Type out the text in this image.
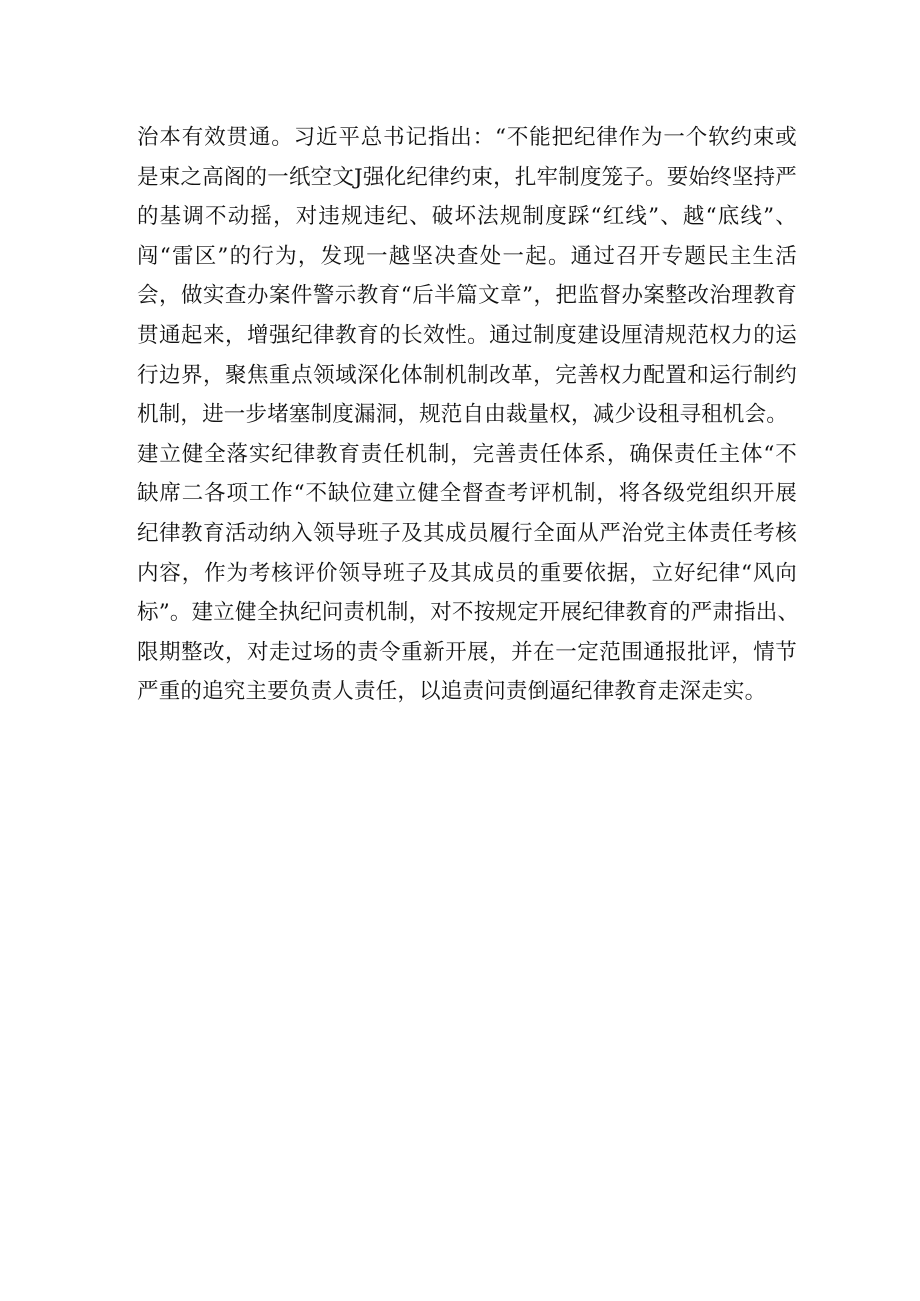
治本有效贯通。习近平总书记指出：“不能把纪律作为一个软约束或
是束之高阁的一纸空文J强化纪律约束，扎牢制度笼子。要始终坚持严
的基调不动摇，对违规违纪、破坏法规制度踩“红线”、越“底线”、
闯“雷区”的行为，发现一越坚决查处一起。通过召开专题民主生活
会，做实查办案件警示教育“后半篇文章”，把监督办案整改治理教育
贯通起来，增强纪律教育的长效性。通过制度建设厘清规范权力的运
行边界，聚焦重点领域深化体制机制改革，完善权力配置和运行制约
机制，进一步堵塞制度漏洞，规范自由裁量权，减少设租寻租机会。
建立健全落实纪律教育责任机制，完善责任体系，确保责任主体“不
缺席二各项工作“不缺位建立健全督查考评机制，将各级党组织开展
纪律教育活动纳入领导班子及其成员履行全面从严治党主体责任考核
内容，作为考核评价领导班子及其成员的重要依据，立好纪律“风向
标”。建立健全执纪问责机制，对不按规定开展纪律教育的严肃指出、
限期整改，对走过场的责令重新开展，并在一定范围通报批评，情节
严重的追究主要负责人责任，以追责问责倒逼纪律教育走深走实。
